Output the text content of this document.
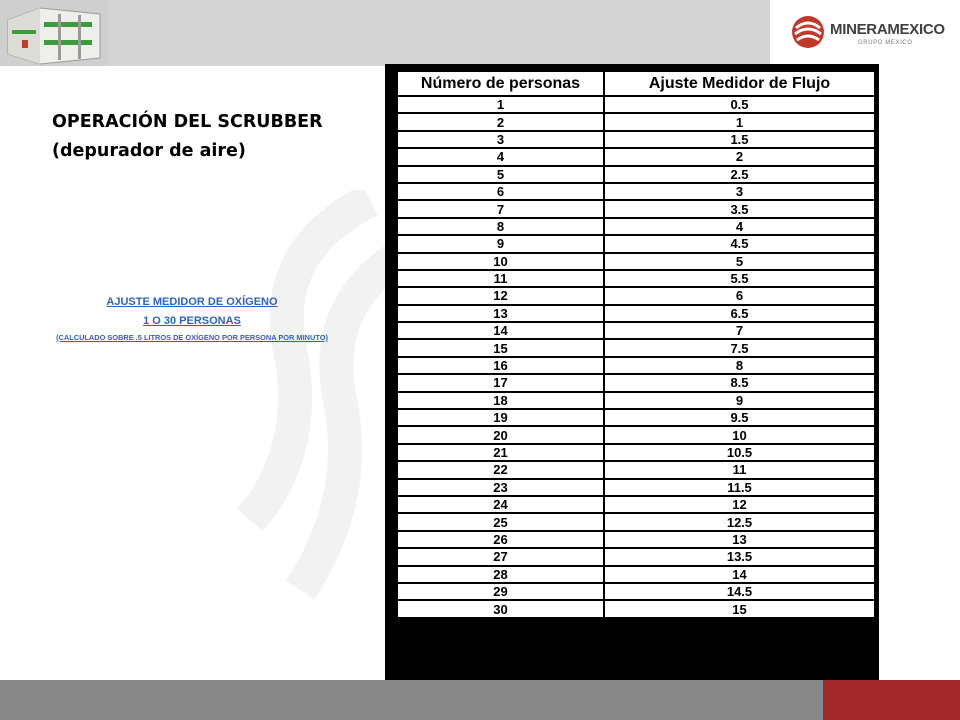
MINERAMEXICO
GRUPO MEXICO
OPERACIÓN DEL SCRUBBER
(depurador de aire)
AJUSTE MEDIDOR DE OXÍGENO
1 O 30 PERSONAS
(CALCULADO SOBRE .5 LITROS DE OXÍGENO POR PERSONA POR MINUTO)
Número de personas	Ajuste Medidor de Flujo
1	0.5
2	1
3	1.5
4	2
5	2.5
6	3
7	3.5
8	4
9	4.5
10	5
11	5.5
12	6
13	6.5
14	7
15	7.5
16	8
17	8.5
18	9
19	9.5
20	10
21	10.5
22	11
23	11.5
24	12
25	12.5
26	13
27	13.5
28	14
29	14.5
30	15
